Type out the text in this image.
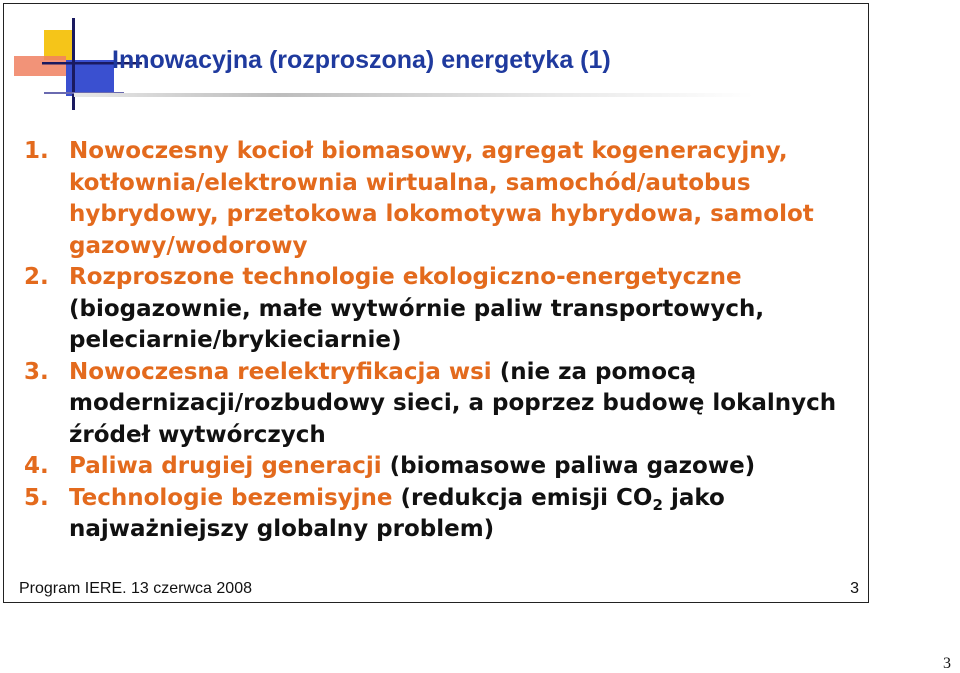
Innowacyjna (rozproszona) energetyka (1)
1. Nowoczesny kocioł biomasowy, agregat kogeneracyjny, kotłownia/elektrownia wirtualna, samochód/autobus hybrydowy, przetokowa lokomotywa hybrydowa, samolot gazowy/wodorowy
2. Rozproszone technologie ekologiczno-energetyczne (biogazownie, małe wytwórnie paliw transportowych, peleciarnie/brykieciarnie)
3. Nowoczesna reelektryfikacja wsi (nie za pomocą modernizacji/rozbudowy sieci, a poprzez budowę lokalnych źródeł wytwórczych
4. Paliwa drugiej generacji (biomasowe paliwa gazowe)
5. Technologie bezemisyjne (redukcja emisji $CO_2$ jako najważniejszy globalny problem)
Program IERE. 13 czerwca 2008	3
3
